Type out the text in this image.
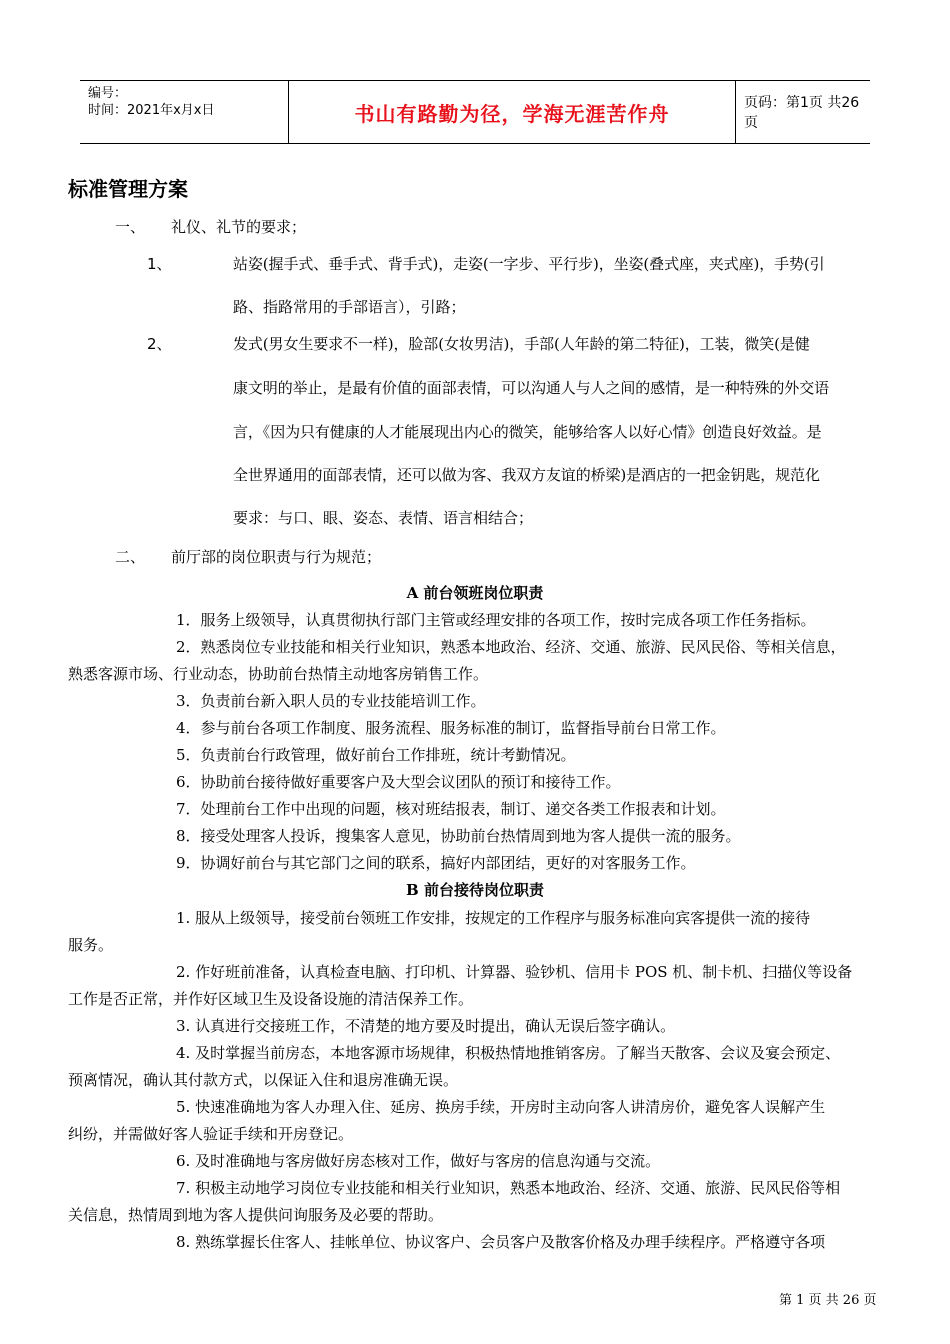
编号：
时间：2021年x月x日	书山有路勤为径，学海无涯苦作舟	页码：第1页 共26页
标准管理方案
一、 礼仪、礼节的要求；
1、	站姿(握手式、垂手式、背手式)，走姿(一字步、平行步)，坐姿(叠式座，夹式座)，手势(引
路、指路常用的手部语言），引路；
2、	发式(男女生要求不一样)，脸部(女妆男洁)，手部(人年龄的第二特征)，工装，微笑(是健
康文明的举止，是最有价值的面部表情，可以沟通人与人之间的感情，是一种特殊的外交语
言，《因为只有健康的人才能展现出内心的微笑，能够给客人以好心情》创造良好效益。是
全世界通用的面部表情，还可以做为客、我双方友谊的桥梁)是酒店的一把金钥匙，规范化
要求：与口、眼、姿态、表情、语言相结合；
二、 前厅部的岗位职责与行为规范；
A 前台领班岗位职责
1．服务上级领导，认真贯彻执行部门主管或经理安排的各项工作，按时完成各项工作任务指标。
2．熟悉岗位专业技能和相关行业知识，熟悉本地政治、经济、交通、旅游、民风民俗、等相关信息，
熟悉客源市场、行业动态，协助前台热情主动地客房销售工作。
3．负责前台新入职人员的专业技能培训工作。
4．参与前台各项工作制度、服务流程、服务标准的制订，监督指导前台日常工作。
5．负责前台行政管理，做好前台工作排班，统计考勤情况。
6．协助前台接待做好重要客户及大型会议团队的预订和接待工作。
7．处理前台工作中出现的问题，核对班结报表，制订、递交各类工作报表和计划。
8．接受处理客人投诉，搜集客人意见，协助前台热情周到地为客人提供一流的服务。
9．协调好前台与其它部门之间的联系，搞好内部团结，更好的对客服务工作。
B 前台接待岗位职责
1. 服从上级领导，接受前台领班工作安排，按规定的工作程序与服务标准向宾客提供一流的接待
服务。
2. 作好班前准备，认真检查电脑、打印机、计算器、验钞机、信用卡 POS 机、制卡机、扫描仪等设备
工作是否正常，并作好区域卫生及设备设施的清洁保养工作。
3. 认真进行交接班工作，不清楚的地方要及时提出，确认无误后签字确认。
4. 及时掌握当前房态，本地客源市场规律，积极热情地推销客房。了解当天散客、会议及宴会预定、
预离情况，确认其付款方式，以保证入住和退房准确无误。
5. 快速准确地为客人办理入住、延房、换房手续，开房时主动向客人讲清房价，避免客人误解产生
纠纷，并需做好客人验证手续和开房登记。
6. 及时准确地与客房做好房态核对工作，做好与客房的信息沟通与交流。
7. 积极主动地学习岗位专业技能和相关行业知识，熟悉本地政治、经济、交通、旅游、民风民俗等相
关信息，热情周到地为客人提供问询服务及必要的帮助。
8. 熟练掌握长住客人、挂帐单位、协议客户、会员客户及散客价格及办理手续程序。严格遵守各项
第 1 页 共 26 页
